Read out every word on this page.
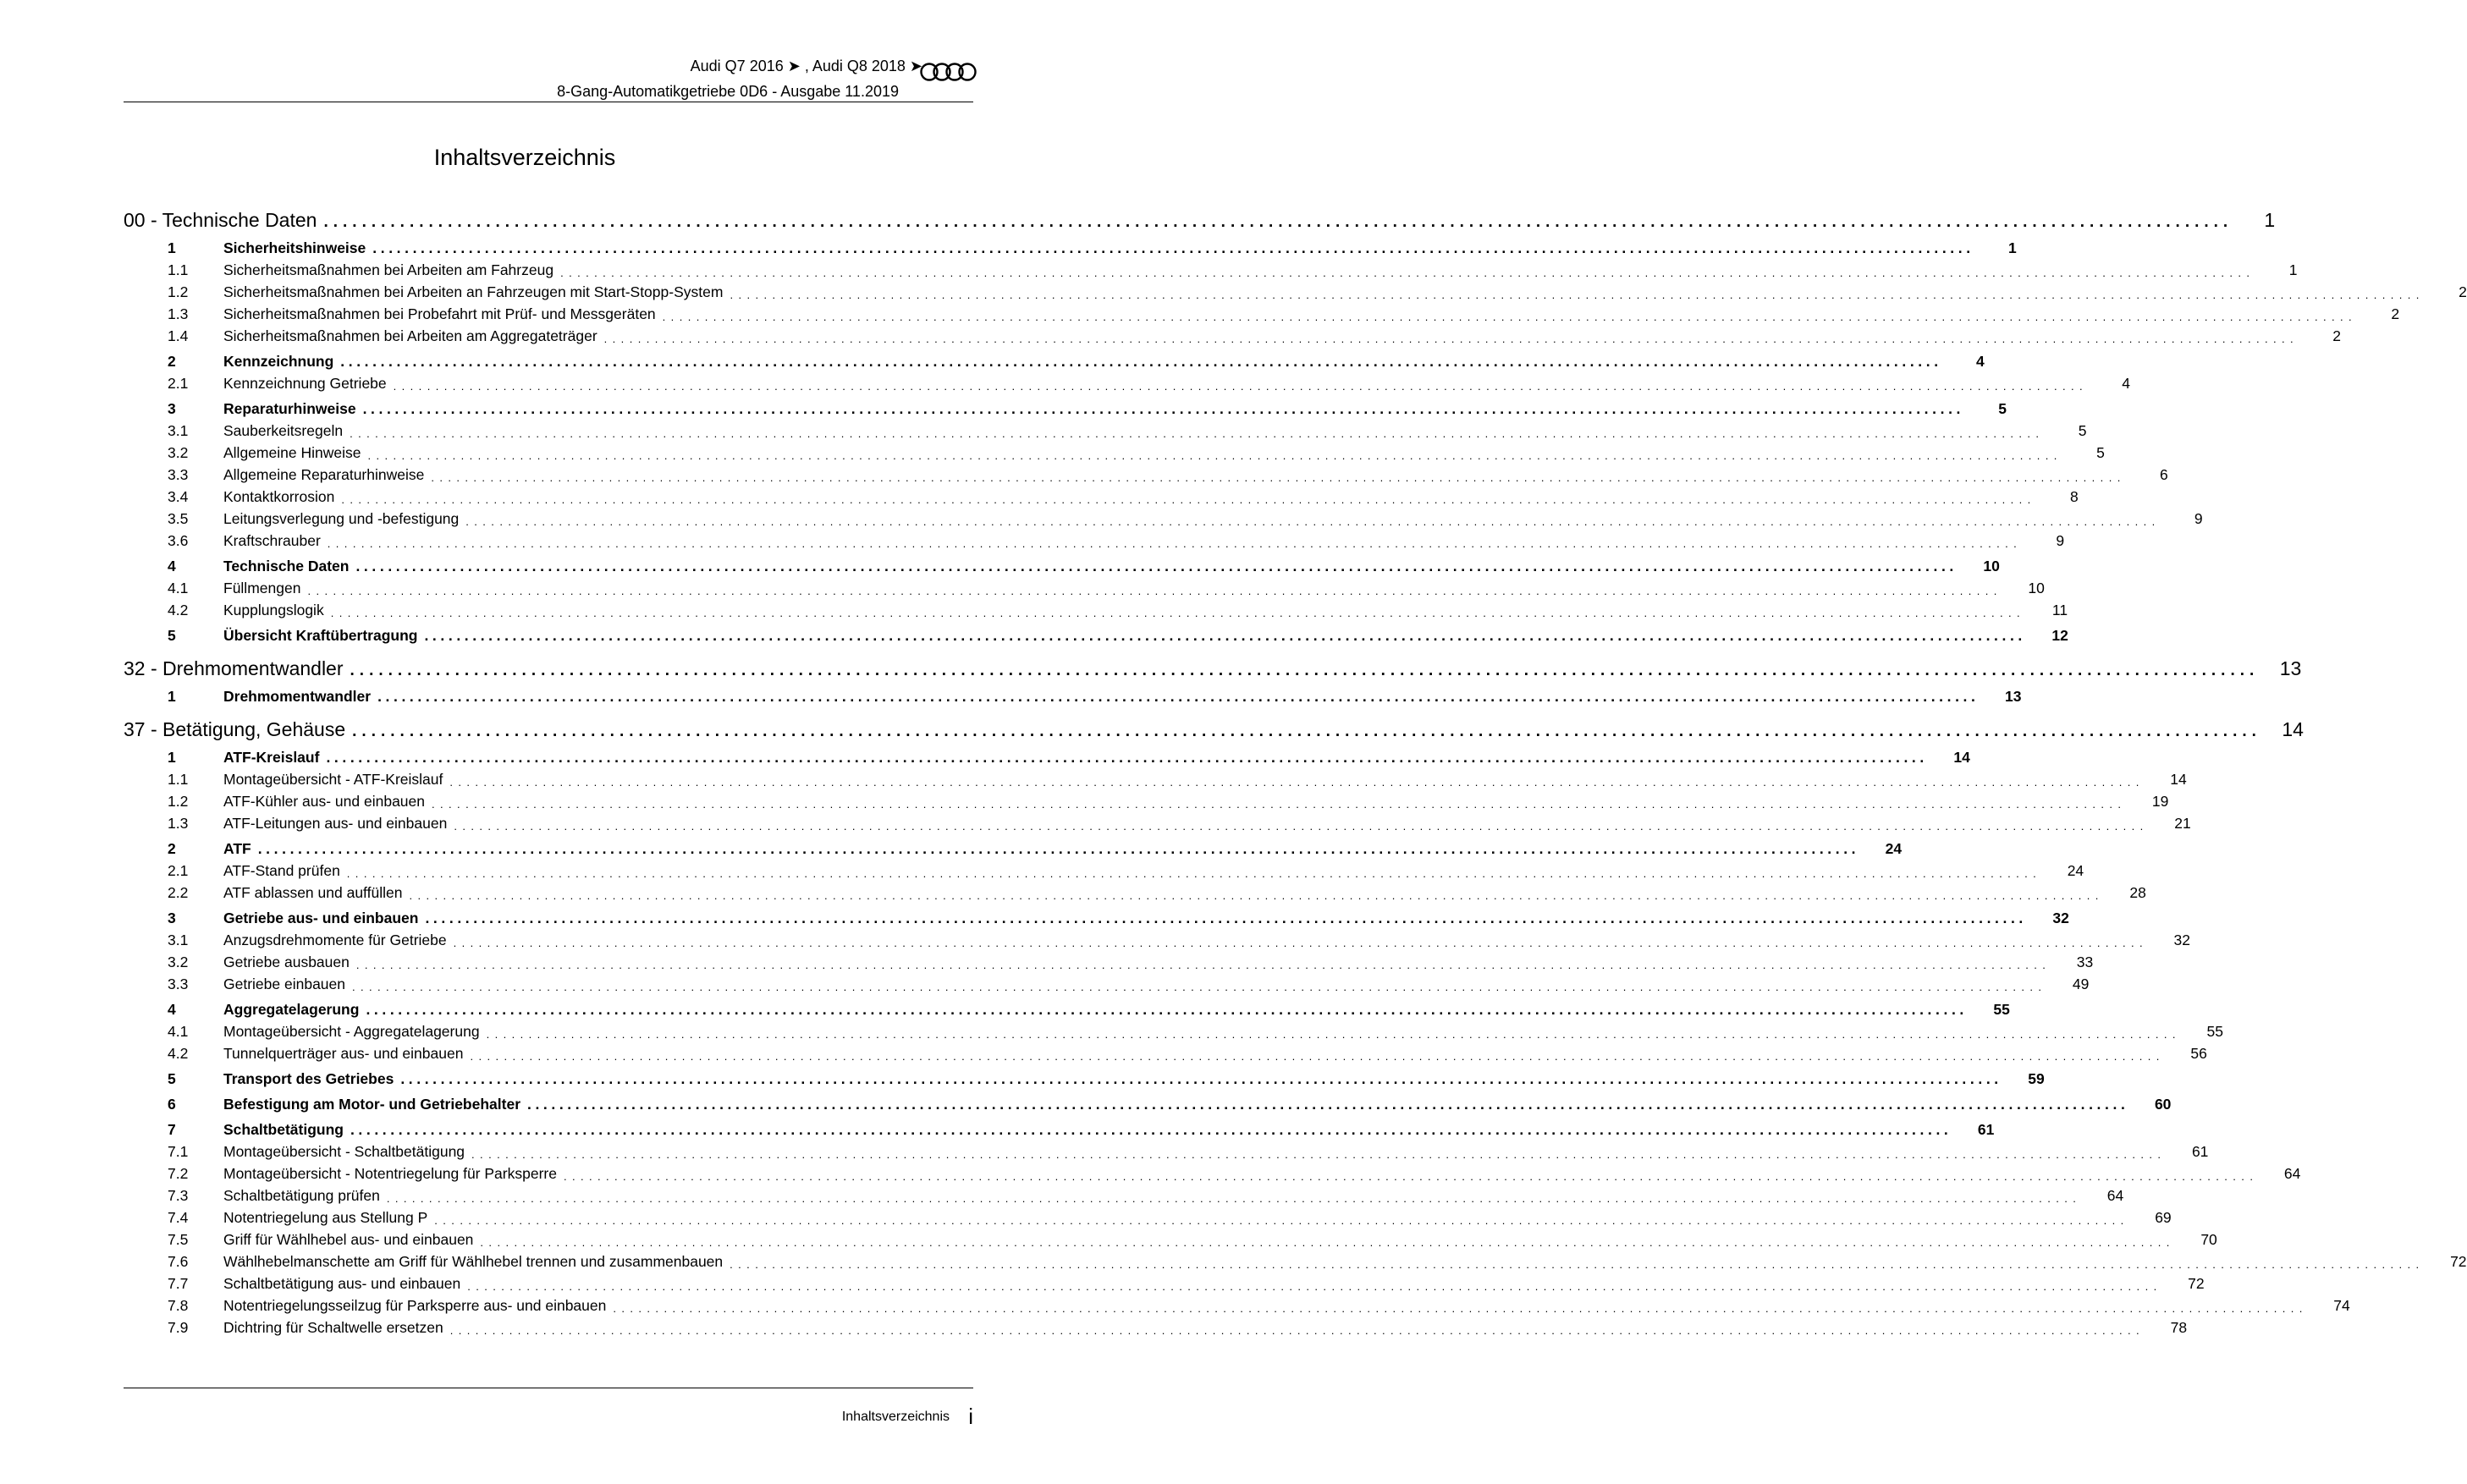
Audi Q7 2016 ➤ , Audi Q8 2018 ➤
8-Gang-Automatikgetriebe 0D6 - Ausgabe 11.2019
Inhaltsverzeichnis
00 - Technische Daten ........................................................................................................................................................................................................	1
1	Sicherheitshinweise ........................................................................................................................................................................................................	1
1.1	Sicherheitsmaßnahmen bei Arbeiten am Fahrzeug ........................................................................................................................................................................................................	1
1.2	Sicherheitsmaßnahmen bei Arbeiten an Fahrzeugen mit Start-Stopp-System ........................................................................................................................................................................................................	2
1.3	Sicherheitsmaßnahmen bei Probefahrt mit Prüf- und Messgeräten ........................................................................................................................................................................................................	2
1.4	Sicherheitsmaßnahmen bei Arbeiten am Aggregateträger ........................................................................................................................................................................................................	2
2	Kennzeichnung ........................................................................................................................................................................................................	4
2.1	Kennzeichnung Getriebe ........................................................................................................................................................................................................	4
3	Reparaturhinweise ........................................................................................................................................................................................................	5
3.1	Sauberkeitsregeln ........................................................................................................................................................................................................	5
3.2	Allgemeine Hinweise ........................................................................................................................................................................................................	5
3.3	Allgemeine Reparaturhinweise ........................................................................................................................................................................................................	6
3.4	Kontaktkorrosion ........................................................................................................................................................................................................	8
3.5	Leitungsverlegung und -befestigung ........................................................................................................................................................................................................	9
3.6	Kraftschrauber ........................................................................................................................................................................................................	9
4	Technische Daten ........................................................................................................................................................................................................	10
4.1	Füllmengen ........................................................................................................................................................................................................	10
4.2	Kupplungslogik ........................................................................................................................................................................................................	11
5	Übersicht Kraftübertragung ........................................................................................................................................................................................................	12
32 - Drehmomentwandler ........................................................................................................................................................................................................	13
1	Drehmomentwandler ........................................................................................................................................................................................................	13
37 - Betätigung, Gehäuse ........................................................................................................................................................................................................	14
1	ATF-Kreislauf ........................................................................................................................................................................................................	14
1.1	Montageübersicht - ATF-Kreislauf ........................................................................................................................................................................................................	14
1.2	ATF-Kühler aus- und einbauen ........................................................................................................................................................................................................	19
1.3	ATF-Leitungen aus- und einbauen ........................................................................................................................................................................................................	21
2	ATF ........................................................................................................................................................................................................	24
2.1	ATF-Stand prüfen ........................................................................................................................................................................................................	24
2.2	ATF ablassen und auffüllen ........................................................................................................................................................................................................	28
3	Getriebe aus- und einbauen ........................................................................................................................................................................................................	32
3.1	Anzugsdrehmomente für Getriebe ........................................................................................................................................................................................................	32
3.2	Getriebe ausbauen ........................................................................................................................................................................................................	33
3.3	Getriebe einbauen ........................................................................................................................................................................................................	49
4	Aggregatelagerung ........................................................................................................................................................................................................	55
4.1	Montageübersicht - Aggregatelagerung ........................................................................................................................................................................................................	55
4.2	Tunnelquerträger aus- und einbauen ........................................................................................................................................................................................................	56
5	Transport des Getriebes ........................................................................................................................................................................................................	59
6	Befestigung am Motor- und Getriebehalter ........................................................................................................................................................................................................	60
7	Schaltbetätigung ........................................................................................................................................................................................................	61
7.1	Montageübersicht - Schaltbetätigung ........................................................................................................................................................................................................	61
7.2	Montageübersicht - Notentriegelung für Parksperre ........................................................................................................................................................................................................	64
7.3	Schaltbetätigung prüfen ........................................................................................................................................................................................................	64
7.4	Notentriegelung aus Stellung P ........................................................................................................................................................................................................	69
7.5	Griff für Wählhebel aus- und einbauen ........................................................................................................................................................................................................	70
7.6	Wählhebelmanschette am Griff für Wählhebel trennen und zusammenbauen ........................................................................................................................................................................................................	72
7.7	Schaltbetätigung aus- und einbauen ........................................................................................................................................................................................................	72
7.8	Notentriegelungsseilzug für Parksperre aus- und einbauen ........................................................................................................................................................................................................	74
7.9	Dichtring für Schaltwelle ersetzen ........................................................................................................................................................................................................	78
Inhaltsverzeichnis i
